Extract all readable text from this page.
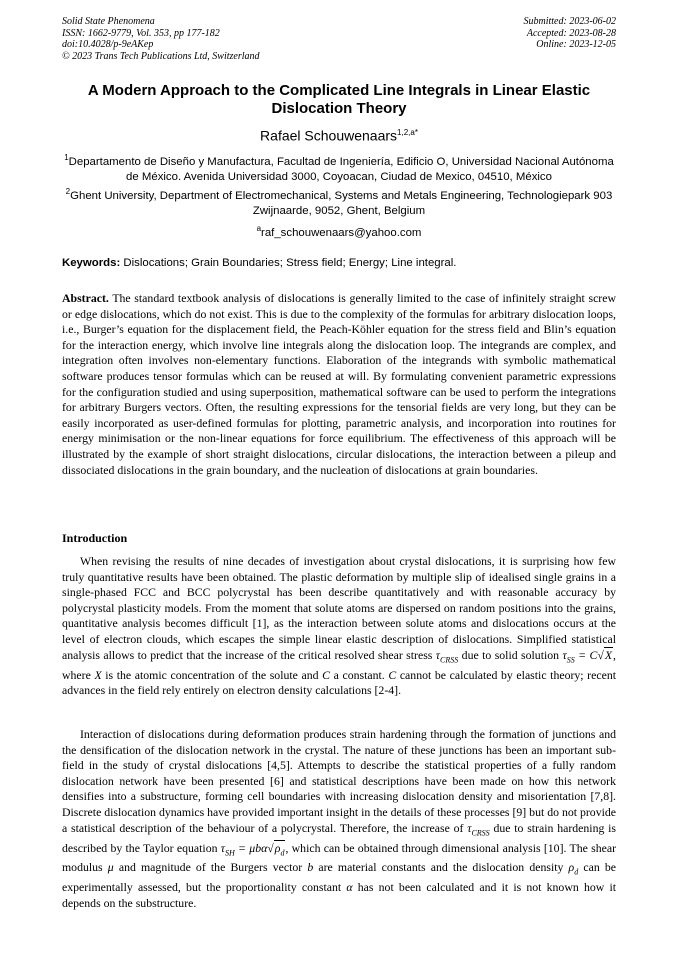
Solid State Phenomena
ISSN: 1662-9779, Vol. 353, pp 177-182
doi:10.4028/p-9eAKep
© 2023 Trans Tech Publications Ltd, Switzerland
Submitted: 2023-06-02
Accepted: 2023-08-28
Online: 2023-12-05
A Modern Approach to the Complicated Line Integrals in Linear Elastic Dislocation Theory
Rafael Schouwenaars$^{1,2,a*}$
$^1$Departamento de Diseño y Manufactura, Facultad de Ingeniería, Edificio O, Universidad Nacional Autónoma de México. Avenida Universidad 3000, Coyoacan, Ciudad de Mexico, 04510, México
$^2$Ghent University, Department of Electromechanical, Systems and Metals Engineering, Technologiepark 903 Zwijnaarde, 9052, Ghent, Belgium
$^a$raf_schouwenaars@yahoo.com
Keywords: Dislocations; Grain Boundaries; Stress field; Energy; Line integral.
Abstract. The standard textbook analysis of dislocations is generally limited to the case of infinitely straight screw or edge dislocations, which do not exist. This is due to the complexity of the formulas for arbitrary dislocation loops, i.e., Burger’s equation for the displacement field, the Peach-Köhler equation for the stress field and Blin’s equation for the interaction energy, which involve line integrals along the dislocation loop. The integrands are complex, and integration often involves non-elementary functions. Elaboration of the integrands with symbolic mathematical software produces tensor formulas which can be reused at will. By formulating convenient parametric expressions for the configuration studied and using superposition, mathematical software can be used to perform the integrations for arbitrary Burgers vectors. Often, the resulting expressions for the tensorial fields are very long, but they can be easily incorporated as user-defined formulas for plotting, parametric analysis, and incorporation into routines for energy minimisation or the non-linear equations for force equilibrium. The effectiveness of this approach will be illustrated by the example of short straight dislocations, circular dislocations, the interaction between a pileup and dissociated dislocations in the grain boundary, and the nucleation of dislocations at grain boundaries.
Introduction
When revising the results of nine decades of investigation about crystal dislocations, it is surprising how few truly quantitative results have been obtained. The plastic deformation by multiple slip of idealised single grains in a single-phased FCC and BCC polycrystal has been describe quantitatively and with reasonable accuracy by polycrystal plasticity models. From the moment that solute atoms are dispersed on random positions into the grains, quantitative analysis becomes difficult [1], as the interaction between solute atoms and dislocations occurs at the level of electron clouds, which escapes the simple linear elastic description of dislocations. Simplified statistical analysis allows to predict that the increase of the critical resolved shear stress $\tau_{CRSS}$ due to solid solution $\tau_{SS} = C√X$, where X is the atomic concentration of the solute and C a constant. C cannot be calculated by elastic theory; recent advances in the field rely entirely on electron density calculations [2-4].
Interaction of dislocations during deformation produces strain hardening through the formation of junctions and the densification of the dislocation network in the crystal. The nature of these junctions has been an important sub-field in the study of crystal dislocations [4,5]. Attempts to describe the statistical properties of a fully random dislocation network have been presented [6] and statistical descriptions have been made on how this network densifies into a substructure, forming cell boundaries with increasing dislocation density and misorientation [7,8]. Discrete dislocation dynamics have provided important insight in the details of these processes [9] but do not provide a statistical description of the behaviour of a polycrystal. Therefore, the increase of $\tau_{CRSS}$ due to strain hardening is described by the Taylor equation $\tau_{SH} = \mu b\alpha√\rho_d$, which can be obtained through dimensional analysis [10]. The shear modulus μ and magnitude of the Burgers vector b are material constants and the dislocation density $\rho_d$ can be experimentally assessed, but the proportionality constant α has not been calculated and it is not known how it depends on the substructure.
